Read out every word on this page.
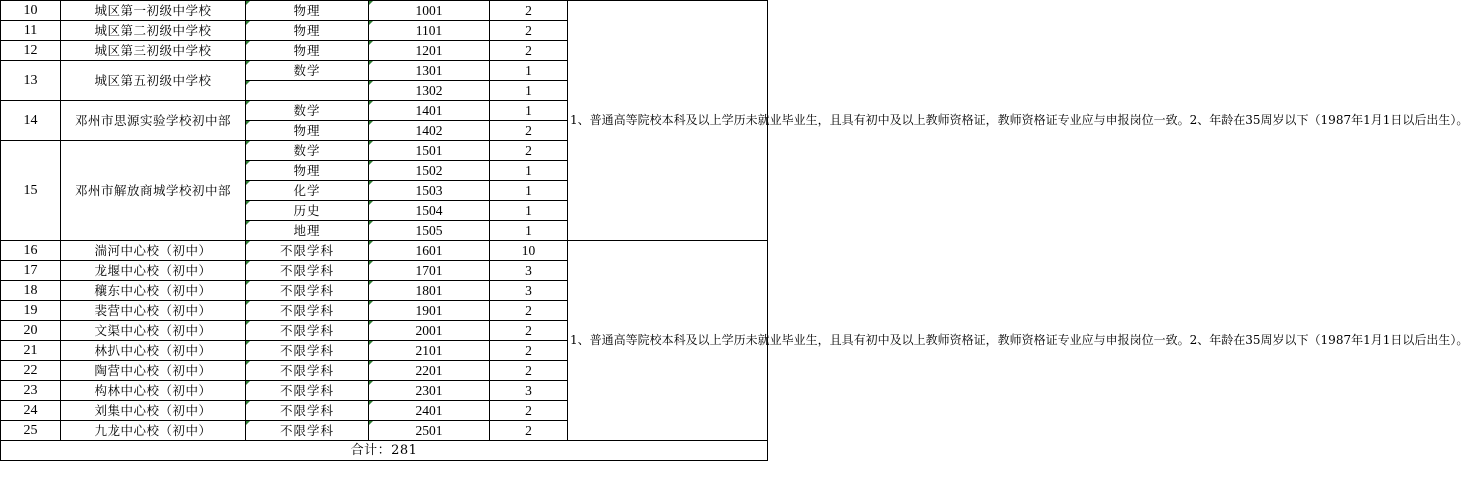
10	城区第一初级中学校	物理	1001	2	1、普通高等院校本科及以上学历未就业毕业生，且具有初中及以上教师资格证，教师资格证专业应与申报岗位一致。2、年龄在35周岁以下（1987年1月1日以后出生）。
11	城区第二初级中学校	物理	1101	2	
12	城区第三初级中学校	物理	1201	2	
13	城区第五初级中学校	数学	1301	1	
			1302	1	
14	邓州市思源实验学校初中部	数学	1401	1	
		物理	1402	2	
15	邓州市解放商城学校初中部	数学	1501	2	
		物理	1502	1	
		化学	1503	1	
		历史	1504	1	
		地理	1505	1	
16	湍河中心校（初中）	不限学科	1601	10	1、普通高等院校本科及以上学历未就业毕业生，且具有初中及以上教师资格证，教师资格证专业应与申报岗位一致。2、年龄在35周岁以下（1987年1月1日以后出生）。
17	龙堰中心校（初中）	不限学科	1701	3	
18	穰东中心校（初中）	不限学科	1801	3	
19	裴营中心校（初中）	不限学科	1901	2	
20	文渠中心校（初中）	不限学科	2001	2	
21	林扒中心校（初中）	不限学科	2101	2	
22	陶营中心校（初中）	不限学科	2201	2	
23	构林中心校（初中）	不限学科	2301	3	
24	刘集中心校（初中）	不限学科	2401	2	
25	九龙中心校（初中）	不限学科	2501	2	
合计：281					
